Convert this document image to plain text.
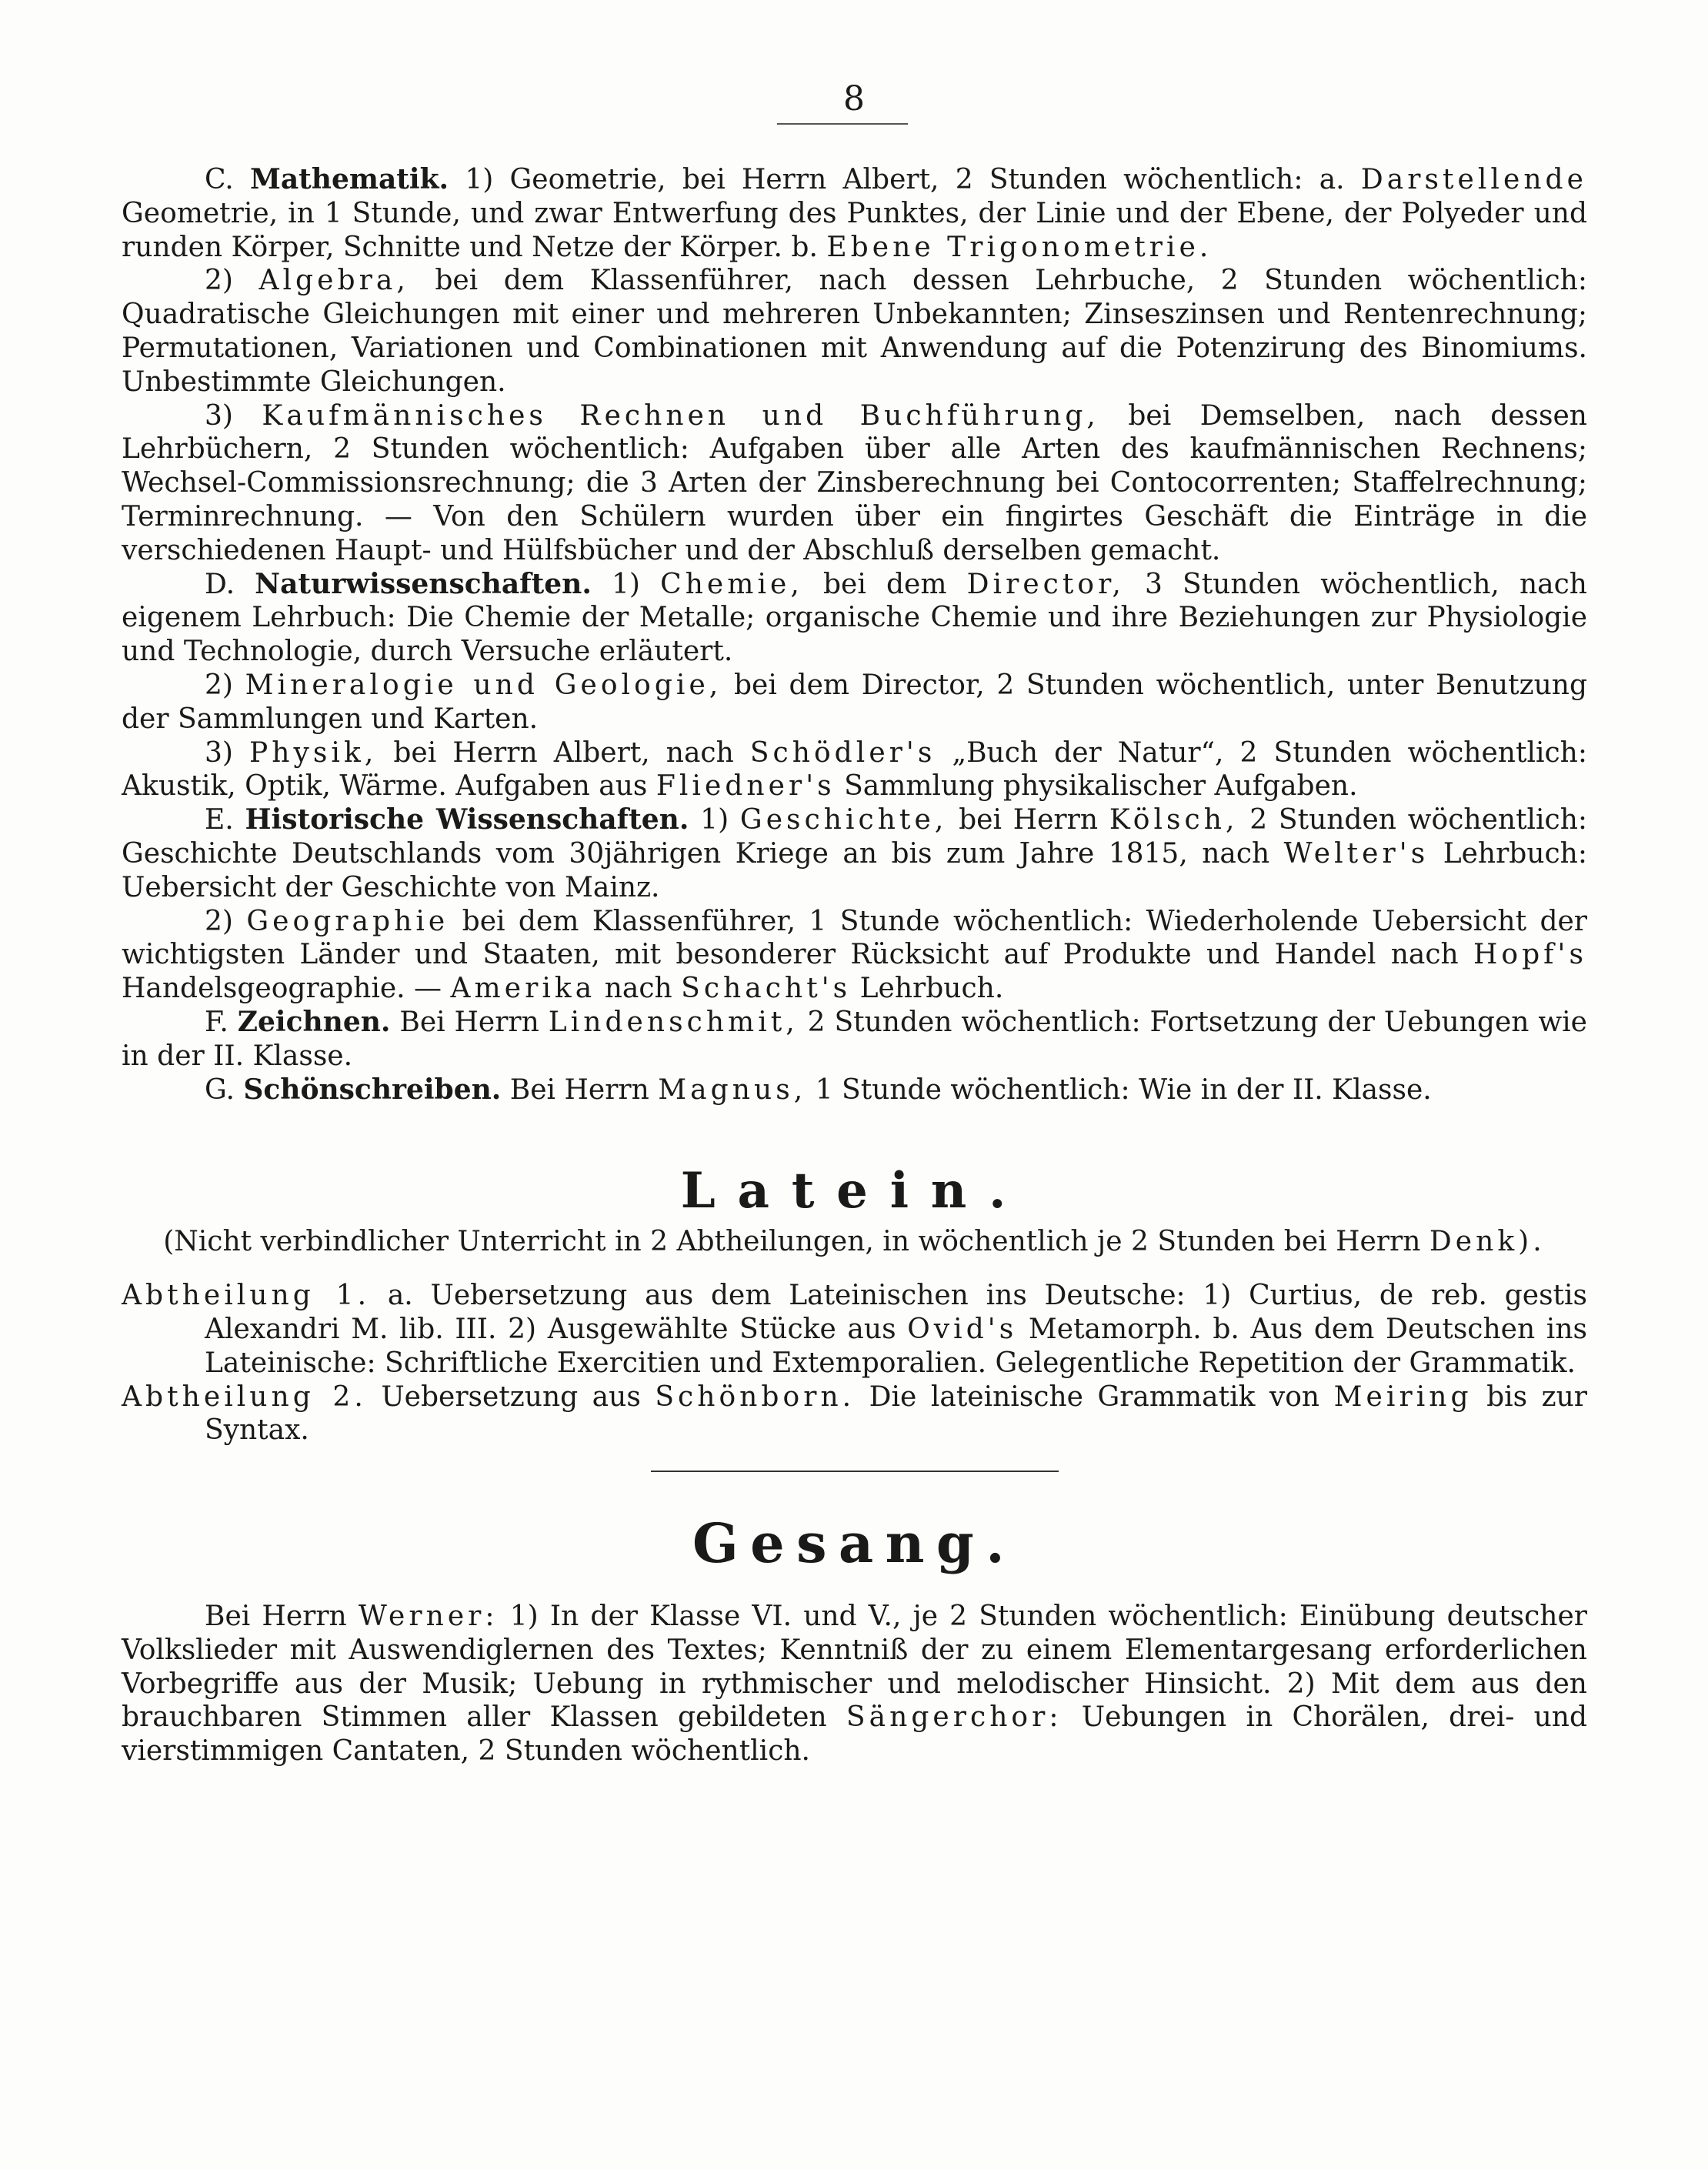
8

C. Mathematik. 1) Geometrie, bei Herrn Albert, 2 Stunden wöchentlich: a. Darstellende Geometrie, in 1 Stunde, und zwar Entwerfung des Punktes, der Linie und der Ebene, der Polyeder und runden Körper, Schnitte und Netze der Körper. b. Ebene Trigonometrie.

2) Algebra, bei dem Klassenführer, nach dessen Lehrbuche, 2 Stunden wöchentlich: Quadratische Gleichungen mit einer und mehreren Unbekannten; Zinseszinsen und Rentenrechnung; Permutationen, Variationen und Combinationen mit Anwendung auf die Potenzirung des Binomiums. Unbestimmte Gleichungen.

3) Kaufmännisches Rechnen und Buchführung, bei Demselben, nach dessen Lehrbüchern, 2 Stunden wöchentlich: Aufgaben über alle Arten des kaufmännischen Rechnens; Wechsel-Commissionsrechnung; die 3 Arten der Zinsberechnung bei Contocorrenten; Staffelrechnung; Terminrechnung. — Von den Schülern wurden über ein fingirtes Geschäft die Einträge in die verschiedenen Haupt- und Hülfsbücher und der Abschluß derselben gemacht.

D. Naturwissenschaften. 1) Chemie, bei dem Director, 3 Stunden wöchentlich, nach eigenem Lehrbuch: Die Chemie der Metalle; organische Chemie und ihre Beziehungen zur Physiologie und Technologie, durch Versuche erläutert.

2) Mineralogie und Geologie, bei dem Director, 2 Stunden wöchentlich, unter Benutzung der Sammlungen und Karten.

3) Physik, bei Herrn Albert, nach Schödler's „Buch der Natur“, 2 Stunden wöchentlich: Akustik, Optik, Wärme. Aufgaben aus Fliedner's Sammlung physikalischer Aufgaben.

E. Historische Wissenschaften. 1) Geschichte, bei Herrn Kölsch, 2 Stunden wöchentlich: Geschichte Deutschlands vom 30jährigen Kriege an bis zum Jahre 1815, nach Welter's Lehrbuch: Uebersicht der Geschichte von Mainz.

2) Geographie bei dem Klassenführer, 1 Stunde wöchentlich: Wiederholende Uebersicht der wichtigsten Länder und Staaten, mit besonderer Rücksicht auf Produkte und Handel nach Hopf's Handelsgeographie. — Amerika nach Schacht's Lehrbuch.

F. Zeichnen. Bei Herrn Lindenschmit, 2 Stunden wöchentlich: Fortsetzung der Uebungen wie in der II. Klasse.

G. Schönschreiben. Bei Herrn Magnus, 1 Stunde wöchentlich: Wie in der II. Klasse.

Latein.

(Nicht verbindlicher Unterricht in 2 Abtheilungen, in wöchentlich je 2 Stunden bei Herrn Denk).

Abtheilung 1. a. Uebersetzung aus dem Lateinischen ins Deutsche: 1) Curtius, de reb. gestis Alexandri M. lib. III. 2) Ausgewählte Stücke aus Ovid's Metamorph. b. Aus dem Deutschen ins Lateinische: Schriftliche Exercitien und Extemporalien. Gelegentliche Repetition der Grammatik.

Abtheilung 2. Uebersetzung aus Schönborn. Die lateinische Grammatik von Meiring bis zur Syntax.

Gesang.

Bei Herrn Werner: 1) In der Klasse VI. und V., je 2 Stunden wöchentlich: Einübung deutscher Volkslieder mit Auswendiglernen des Textes; Kenntniß der zu einem Elementargesang erforderlichen Vorbegriffe aus der Musik; Uebung in rythmischer und melodischer Hinsicht. 2) Mit dem aus den brauchbaren Stimmen aller Klassen gebildeten Sängerchor: Uebungen in Chorälen, drei- und vierstimmigen Cantaten, 2 Stunden wöchentlich.
